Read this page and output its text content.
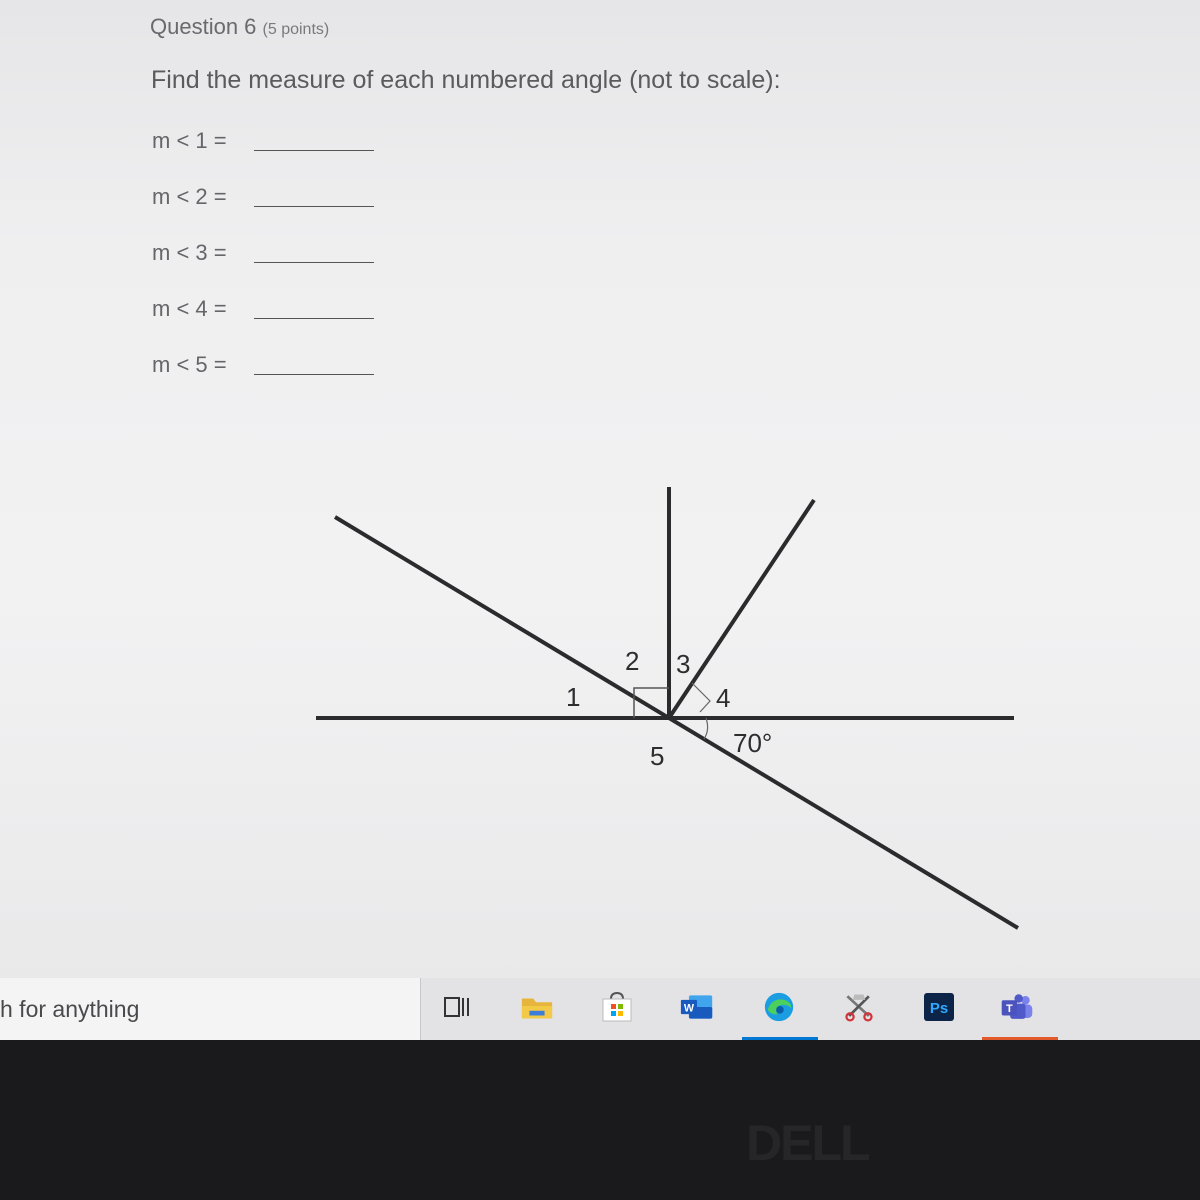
Question 6 (5 points)
Find the measure of each numbered angle (not to scale):
m < 1 =
m < 2 =
m < 3 =
m < 4 =
m < 5 =
1
2 3
4
5	70°
h for anything	W	Ps	T
DELL
